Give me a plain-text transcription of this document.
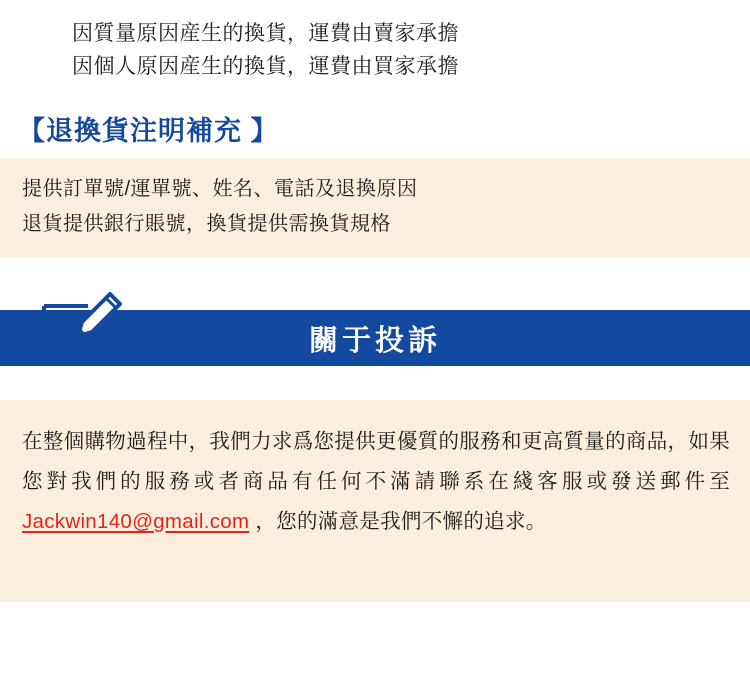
因質量原因産生的換貨，運費由賣家承擔
因個人原因産生的換貨，運費由買家承擔
【退換貨注明補充 】
提供訂單號/運單號、姓名、電話及退換原因
退貨提供銀行賬號，換貨提供需換貨規格
關于投訴
在整個購物過程中，我們力求爲您提供更優質的服務和更高質量的商品，如果您對我們的服務或者商品有任何不滿請聯系在綫客服或發送郵件至 Jackwin140@gmail.com ，您的滿意是我們不懈的追求。
